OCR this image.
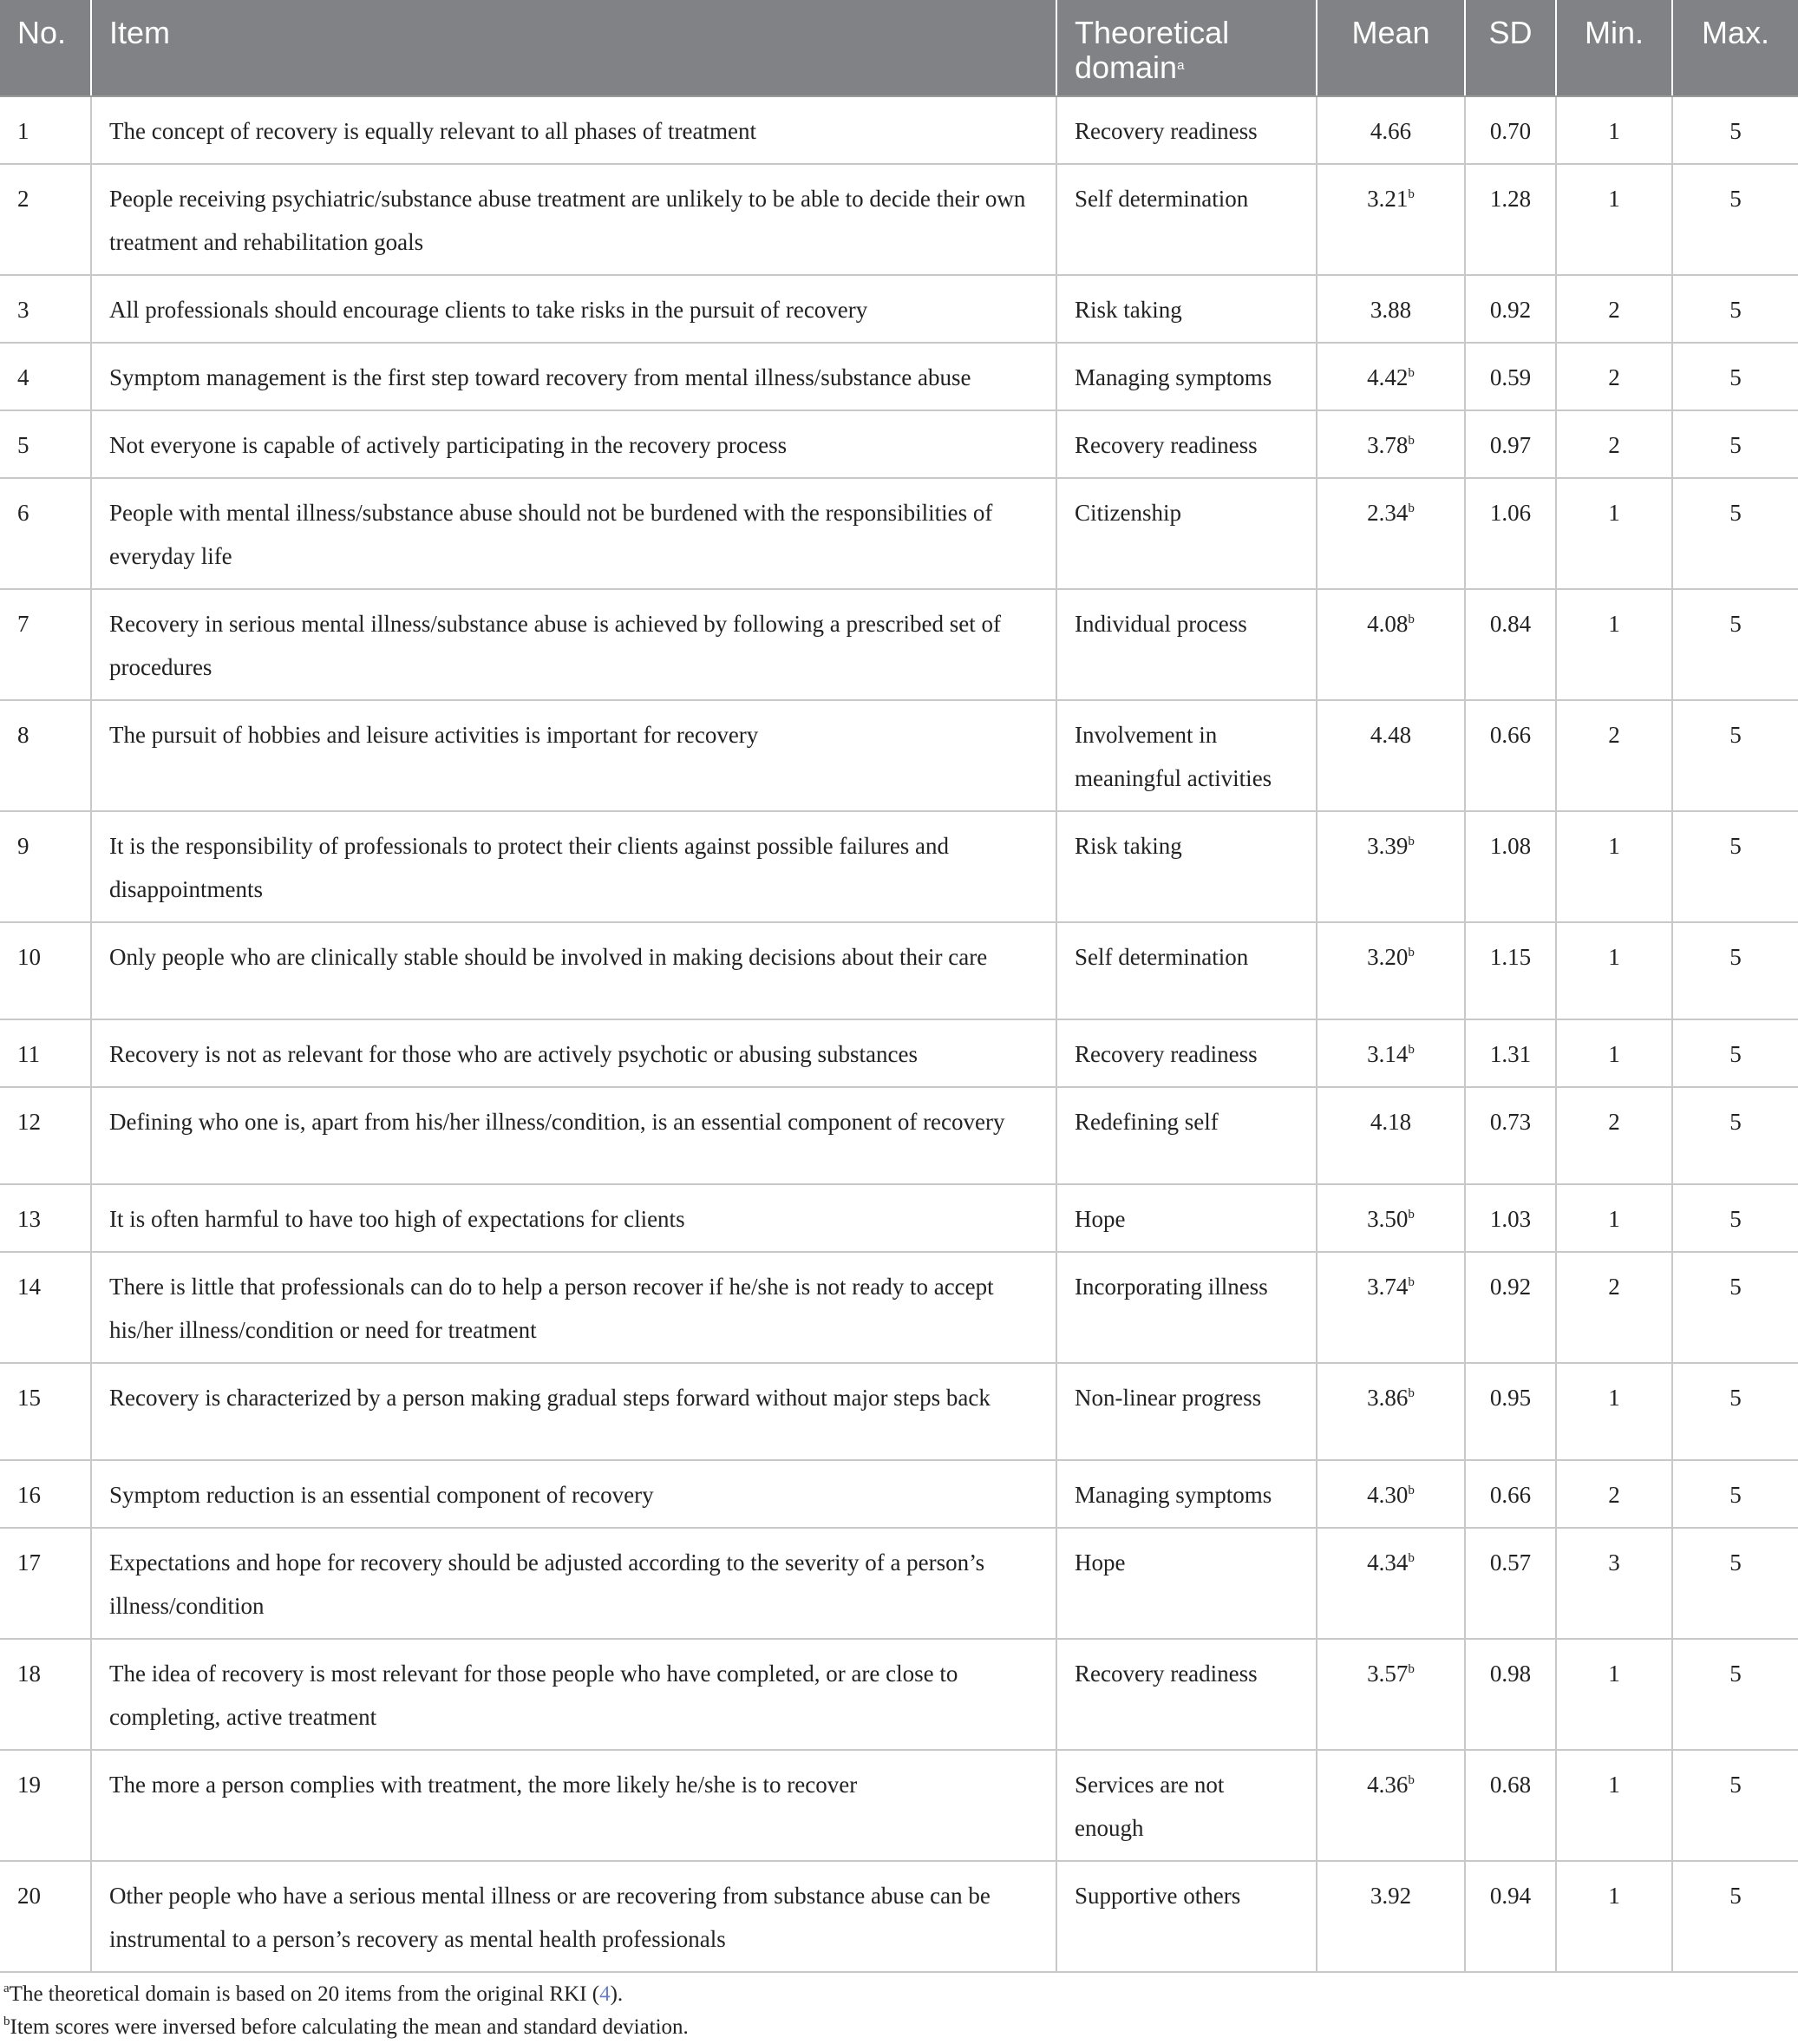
No.	Item	Theoretical domain$^a$	Mean	SD	Min.	Max.
1	The concept of recovery is equally relevant to all phases of treatment	Recovery readiness	4.66	0.70	1	5
2	People receiving psychiatric/substance abuse treatment are unlikely to be able to decide their own treatment and rehabilitation goals	Self determination	3.21$^b$	1.28	1	5
3	All professionals should encourage clients to take risks in the pursuit of recovery	Risk taking	3.88	0.92	2	5
4	Symptom management is the first step toward recovery from mental illness/substance abuse	Managing symptoms	4.42$^b$	0.59	2	5
5	Not everyone is capable of actively participating in the recovery process	Recovery readiness	3.78$^b$	0.97	2	5
6	People with mental illness/substance abuse should not be burdened with the responsibilities of everyday life	Citizenship	2.34$^b$	1.06	1	5
7	Recovery in serious mental illness/substance abuse is achieved by following a prescribed set of procedures	Individual process	4.08$^b$	0.84	1	5
8	The pursuit of hobbies and leisure activities is important for recovery	Involvement in meaningful activities	4.48	0.66	2	5
9	It is the responsibility of professionals to protect their clients against possible failures and disappointments	Risk taking	3.39$^b$	1.08	1	5
10	Only people who are clinically stable should be involved in making decisions about their care	Self determination	3.20$^b$	1.15	1	5
11	Recovery is not as relevant for those who are actively psychotic or abusing substances	Recovery readiness	3.14$^b$	1.31	1	5
12	Defining who one is, apart from his/her illness/condition, is an essential component of recovery	Redefining self	4.18	0.73	2	5
13	It is often harmful to have too high of expectations for clients	Hope	3.50$^b$	1.03	1	5
14	There is little that professionals can do to help a person recover if he/she is not ready to accept his/her illness/condition or need for treatment	Incorporating illness	3.74$^b$	0.92	2	5
15	Recovery is characterized by a person making gradual steps forward without major steps back	Non-linear progress	3.86$^b$	0.95	1	5
16	Symptom reduction is an essential component of recovery	Managing symptoms	4.30$^b$	0.66	2	5
17	Expectations and hope for recovery should be adjusted according to the severity of a person’s illness/condition	Hope	4.34$^b$	0.57	3	5
18	The idea of recovery is most relevant for those people who have completed, or are close to completing, active treatment	Recovery readiness	3.57$^b$	0.98	1	5
19	The more a person complies with treatment, the more likely he/she is to recover	Services are not enough	4.36$^b$	0.68	1	5
20	Other people who have a serious mental illness or are recovering from substance abuse can be instrumental to a person’s recovery as mental health professionals	Supportive others	3.92	0.94	1	5
$^a$The theoretical domain is based on 20 items from the original RKI (4).
$^b$Item scores were inversed before calculating the mean and standard deviation.
